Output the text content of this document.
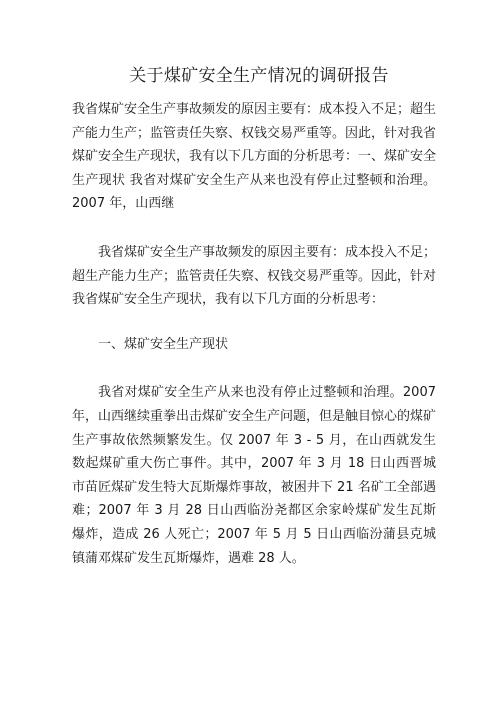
关于煤矿安全生产情况的调研报告

我省煤矿安全生产事故频发的原因主要有：成本投入不足；超生产能力生产；监管责任失察、权钱交易严重等。因此，针对我省煤矿安全生产现状，我有以下几方面的分析思考：一、煤矿安全生产现状 我省对煤矿安全生产从来也没有停止过整顿和治理。2007 年，山西继

我省煤矿安全生产事故频发的原因主要有：成本投入不足；超生产能力生产；监管责任失察、权钱交易严重等。因此，针对我省煤矿安全生产现状，我有以下几方面的分析思考：

一、煤矿安全生产现状

我省对煤矿安全生产从来也没有停止过整顿和治理。2007 年，山西继续重拳出击煤矿安全生产问题，但是触目惊心的煤矿生产事故依然频繁发生。仅 2007 年 3 - 5 月，在山西就发生数起煤矿重大伤亡事件。其中，2007 年 3 月 18 日山西晋城市苗匠煤矿发生特大瓦斯爆炸事故，被困井下 21 名矿工全部遇难；2007 年 3 月 28 日山西临汾尧都区余家岭煤矿发生瓦斯爆炸，造成 26 人死亡；2007 年 5 月 5 日山西临汾蒲县克城镇蒲邓煤矿发生瓦斯爆炸，遇难 28 人。
